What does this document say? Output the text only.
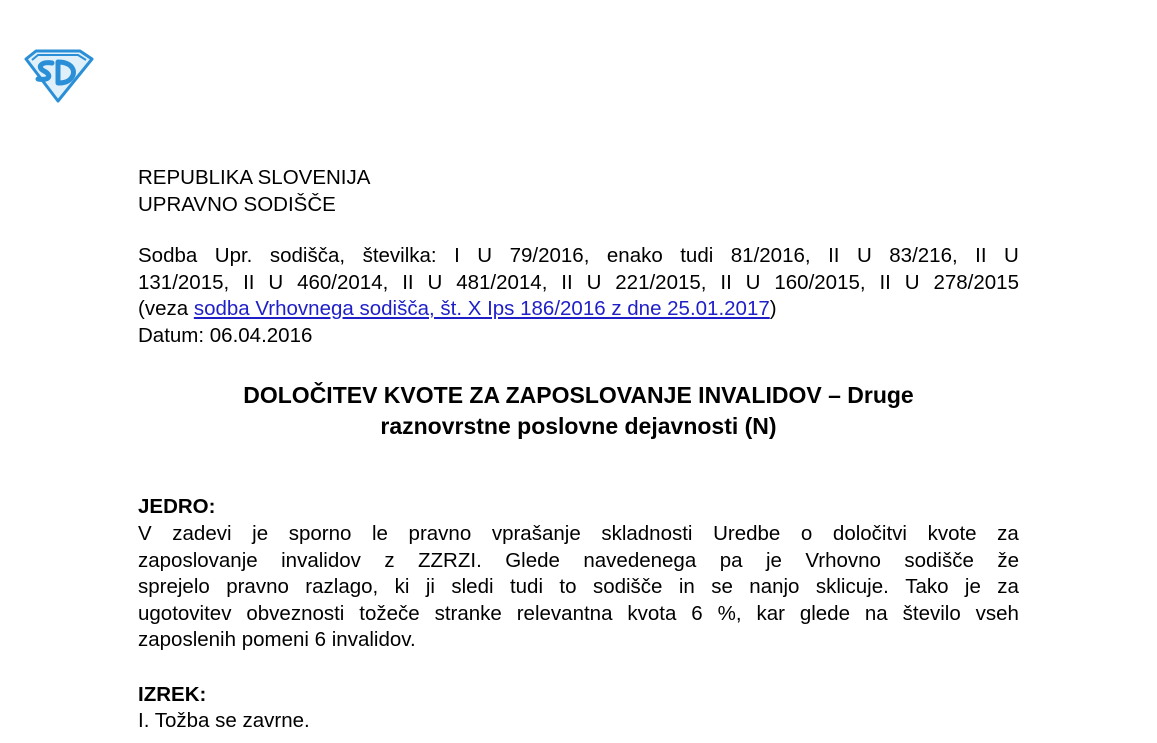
REPUBLIKA SLOVENIJA
UPRAVNO SODIŠČE
Sodba Upr. sodišča, številka: I U 79/2016, enako tudi 81/2016, II U 83/216, II U
131/2015, II U 460/2014, II U 481/2014, II U 221/2015, II U 160/2015, II U 278/2015
(veza sodba Vrhovnega sodišča, št. X Ips 186/2016 z dne 25.01.2017)
Datum: 06.04.2016
DOLOČITEV KVOTE ZA ZAPOSLOVANJE INVALIDOV – Druge
raznovrstne poslovne dejavnosti (N)
JEDRO:
V zadevi je sporno le pravno vprašanje skladnosti Uredbe o določitvi kvote za
zaposlovanje invalidov z ZZRZI. Glede navedenega pa je Vrhovno sodišče že
sprejelo pravno razlago, ki ji sledi tudi to sodišče in se nanjo sklicuje. Tako je za
ugotovitev obveznosti tožeče stranke relevantna kvota 6 %, kar glede na število vseh
zaposlenih pomeni 6 invalidov.
IZREK:
I. Tožba se zavrne.
